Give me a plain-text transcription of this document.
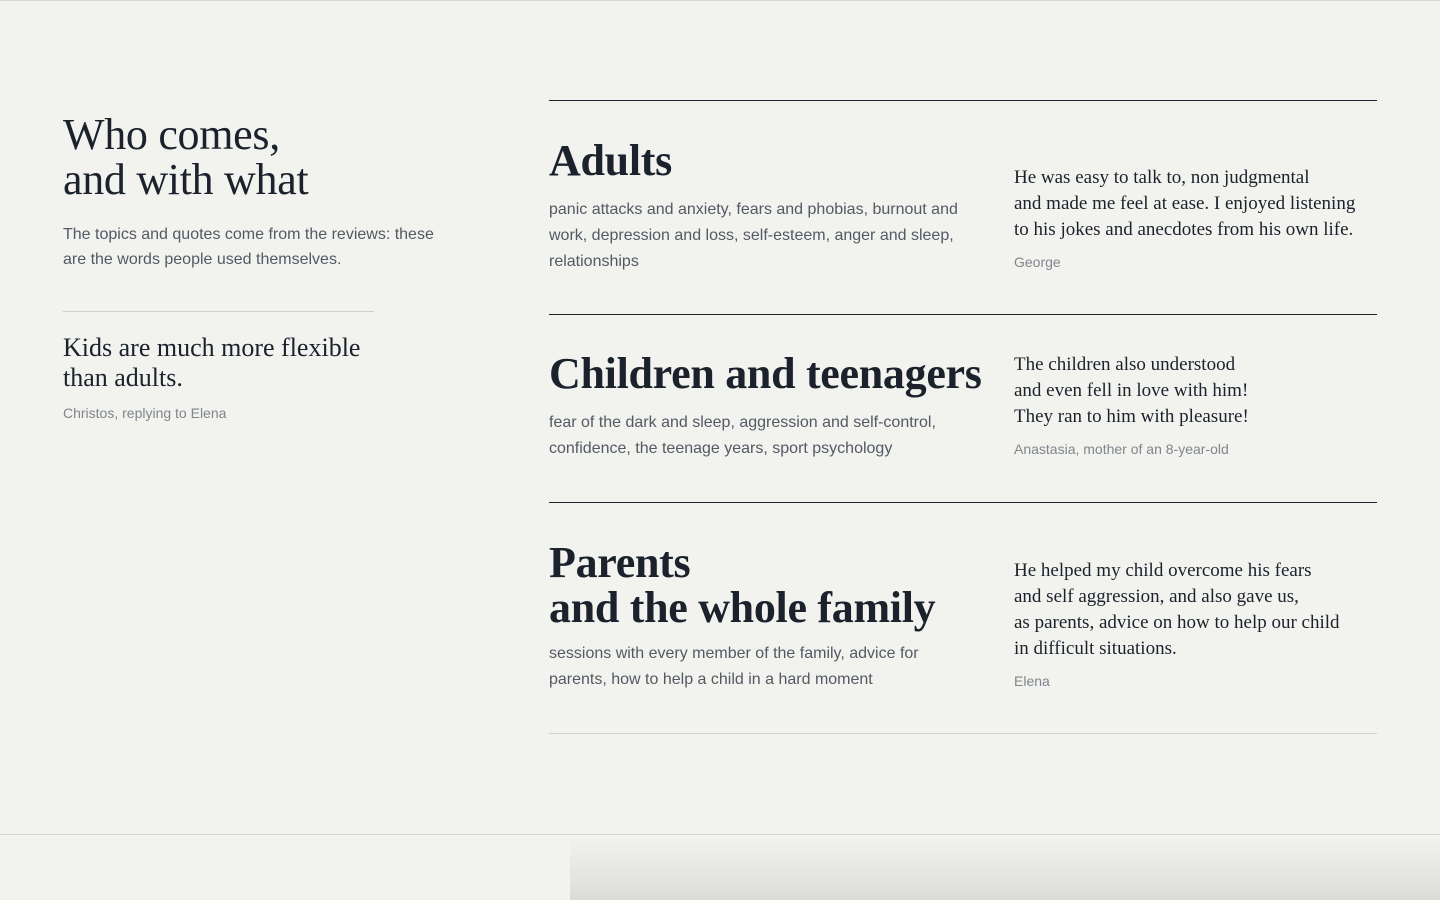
Who comes,
and with what

The topics and quotes come from the reviews: these are the words people used themselves.

Kids are much more flexible
than adults.

Christos, replying to Elena

Adults

panic attacks and anxiety, fears and phobias, burnout and work, depression and loss, self-esteem, anger and sleep, relationships

He was easy to talk to, non judgmental
and made me feel at ease. I enjoyed listening
to his jokes and anecdotes from his own life.

George

Children and teenagers

fear of the dark and sleep, aggression and self-control, confidence, the teenage years, sport psychology

The children also understood
and even fell in love with him!
They ran to him with pleasure!

Anastasia, mother of an 8-year-old

Parents
and the whole family

sessions with every member of the family, advice for parents, how to help a child in a hard moment

He helped my child overcome his fears
and self aggression, and also gave us,
as parents, advice on how to help our child
in difficult situations.

Elena
